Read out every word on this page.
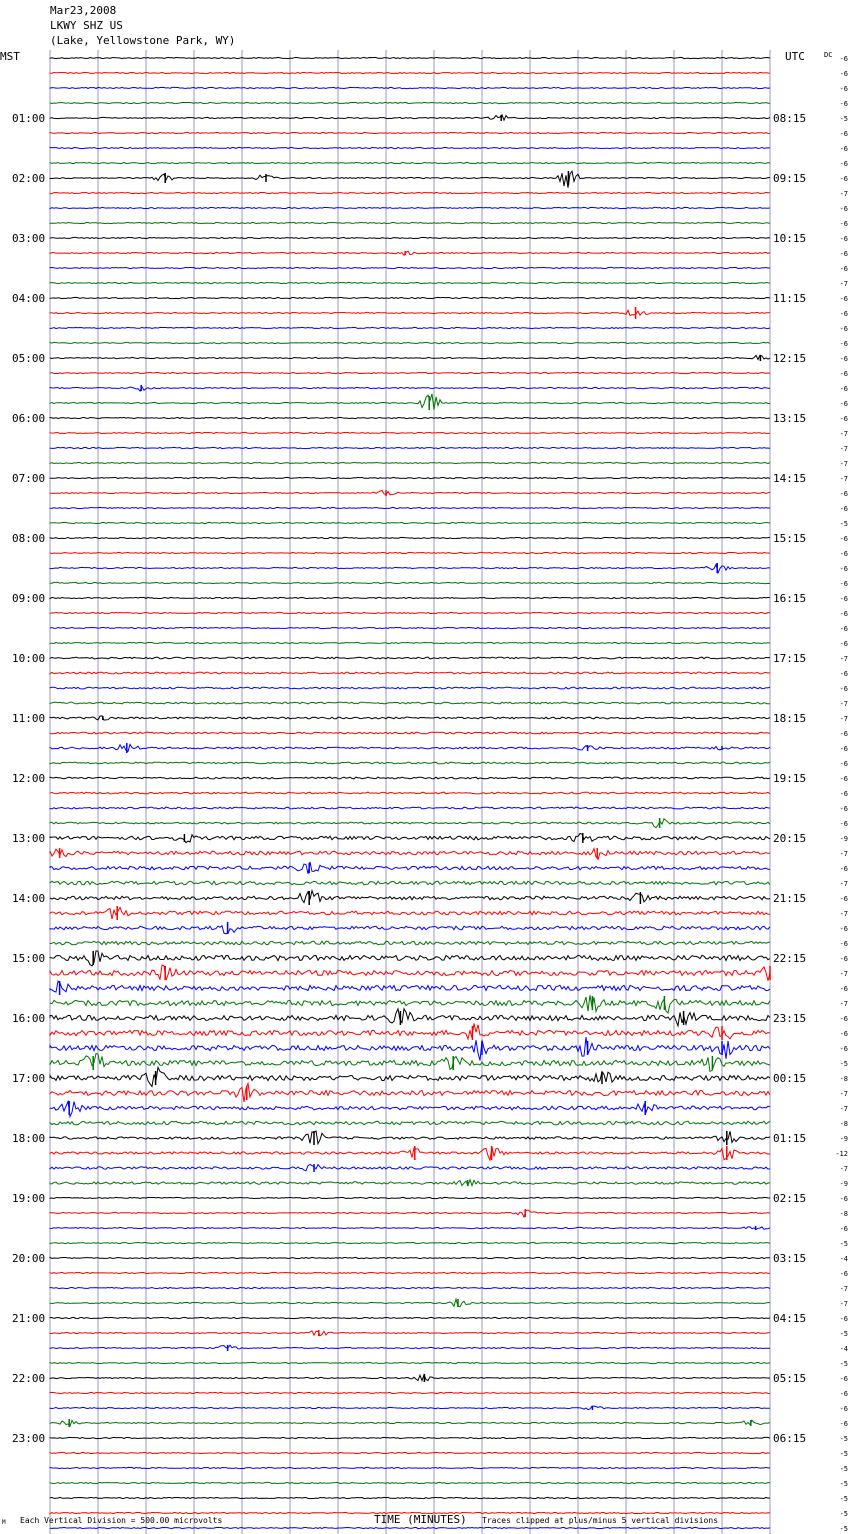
Mar23,2008
LKWY SHZ US
(Lake, Yellowstone Park, WY)
01:00
02:00
03:00
04:00
05:00
06:00
07:00
08:00
09:00
10:00
11:00
12:00
13:00
14:00
15:00
16:00
17:00
18:00
19:00
20:00
21:00
22:00
23:00
08:15
09:15
10:15
11:15
12:15
13:15
14:15
15:15
16:15
17:15
18:15
19:15
20:15
21:15
22:15
23:15
00:15
01:15
02:15
03:15
04:15
05:15
06:15
-6
-6
-6
-6
-5
-6
-6
-6
-6
-7
-6
-6
-6
-6
-6
-7
-6
-6
-6
-6
-6
-6
-6
-6
-6
-7
-7
-7
-7
-6
-6
-5
-6
-6
-6
-6
-6
-6
-6
-6
-7
-6
-6
-7
-7
-6
-6
-6
-6
-6
-6
-6
-9
-7
-6
-7
-6
-7
-6
-6
-6
-7
-6
-7
-6
-6
-6
-5
-8
-7
-7
-8
-9
-12
-7
-9
-6
-8
-6
-5
-4
-6
-7
-7
-6
-5
-4
-5
-6
-6
-6
-6
-5
-5
-5
-5
-5
-5
-5
MST	UTC	DC
M Each Vertical Division = 500.00 microvolts	TIME (MINUTES) Traces clipped at plus/minus 5 vertical divisions
